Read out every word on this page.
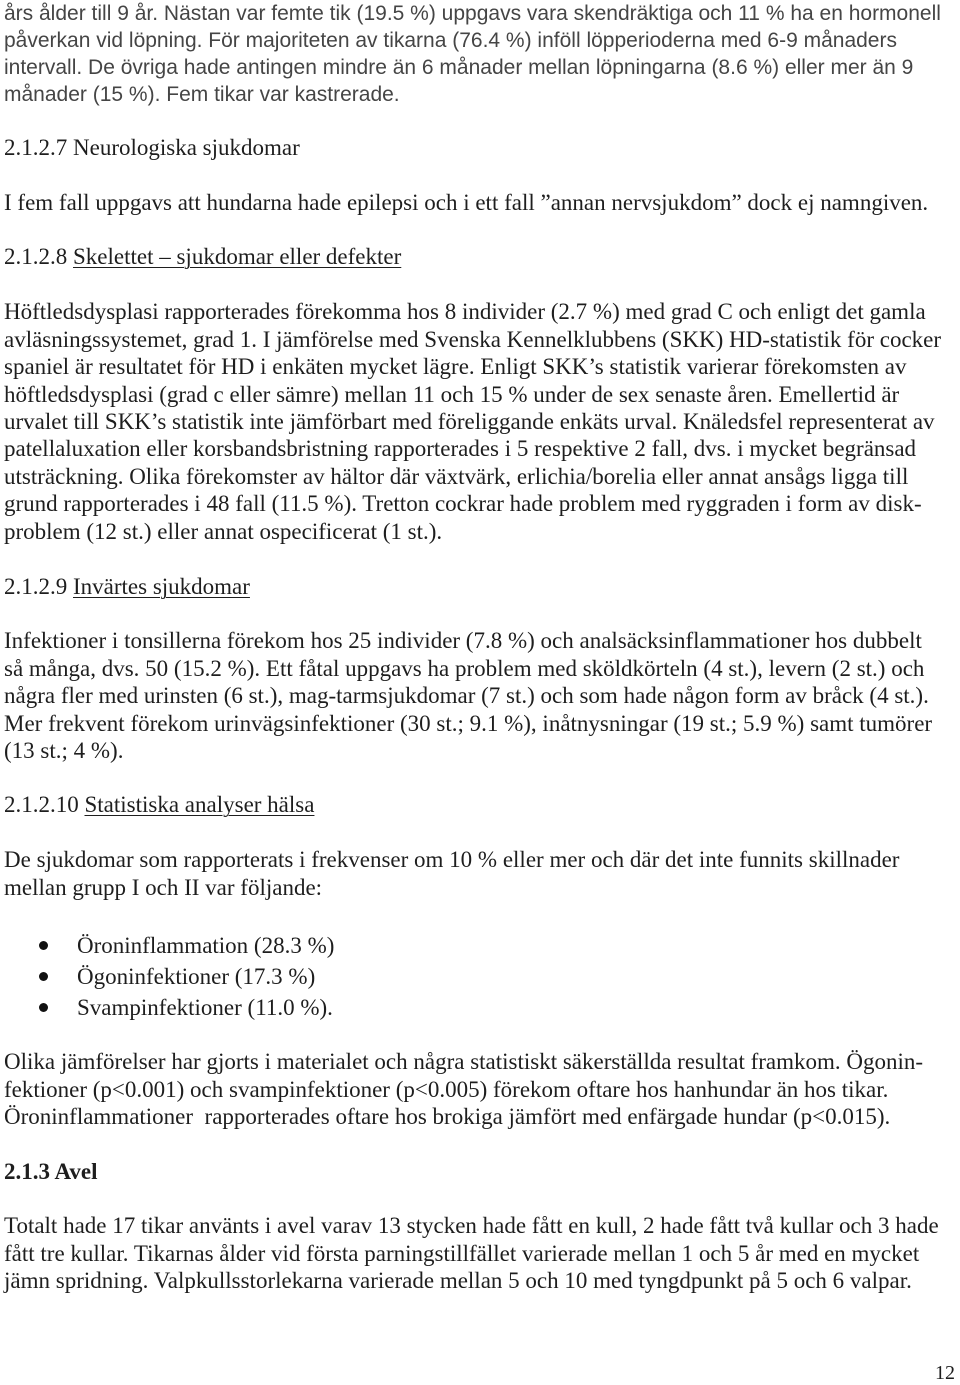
års ålder till 9 år. Nästan var femte tik (19.5 %) uppgavs vara skendräktiga och 11 % ha en hormonell
påverkan vid löpning. För majoriteten av tikarna (76.4 %) inföll löpperioderna med 6-9 månaders
intervall. De övriga hade antingen mindre än 6 månader mellan löpningarna (8.6 %) eller mer än 9
månader (15 %). Fem tikar var kastrerade.
2.1.2.7 Neurologiska sjukdomar
I fem fall uppgavs att hundarna hade epilepsi och i ett fall ”annan nervsjukdom” dock ej namngiven.
2.1.2.8 Skelettet – sjukdomar eller defekter
Höftledsdysplasi rapporterades förekomma hos 8 individer (2.7 %) med grad C och enligt det gamla
avläsningssystemet, grad 1. I jämförelse med Svenska Kennelklubbens (SKK) HD-statistik för cocker
spaniel är resultatet för HD i enkäten mycket lägre. Enligt SKK’s statistik varierar förekomsten av
höftledsdysplasi (grad c eller sämre) mellan 11 och 15 % under de sex senaste åren. Emellertid är
urvalet till SKK’s statistik inte jämförbart med föreliggande enkäts urval. Knäledsfel representerat av
patellaluxation eller korsbandsbristning rapporterades i 5 respektive 2 fall, dvs. i mycket begränsad
utsträckning. Olika förekomster av hältor där växtvärk, erlichia/borelia eller annat ansågs ligga till
grund rapporterades i 48 fall (11.5 %). Tretton cockrar hade problem med ryggraden i form av disk-
problem (12 st.) eller annat ospecificerat (1 st.).
2.1.2.9 Invärtes sjukdomar
Infektioner i tonsillerna förekom hos 25 individer (7.8 %) och analsäcksinflammationer hos dubbelt
så många, dvs. 50 (15.2 %). Ett fåtal uppgavs ha problem med sköldkörteln (4 st.), levern (2 st.) och
några fler med urinsten (6 st.), mag-tarmsjukdomar (7 st.) och som hade någon form av bråck (4 st.).
Mer frekvent förekom urinvägsinfektioner (30 st.; 9.1 %), inåtnysningar (19 st.; 5.9 %) samt tumörer
(13 st.; 4 %).
2.1.2.10 Statistiska analyser hälsa
De sjukdomar som rapporterats i frekvenser om 10 % eller mer och där det inte funnits skillnader
mellan grupp I och II var följande:
Öroninflammation (28.3 %)
Ögoninfektioner (17.3 %)
Svampinfektioner (11.0 %).
Olika jämförelser har gjorts i materialet och några statistiskt säkerställda resultat framkom. Ögonin-
fektioner (p<0.001) och svampinfektioner (p<0.005) förekom oftare hos hanhundar än hos tikar.
Öroninflammationer  rapporterades oftare hos brokiga jämfört med enfärgade hundar (p<0.015).
2.1.3 Avel
Totalt hade 17 tikar använts i avel varav 13 stycken hade fått en kull, 2 hade fått två kullar och 3 hade
fått tre kullar. Tikarnas ålder vid första parningstillfället varierade mellan 1 och 5 år med en mycket
jämn spridning. Valpkullsstorlekarna varierade mellan 5 och 10 med tyngdpunkt på 5 och 6 valpar.
12
